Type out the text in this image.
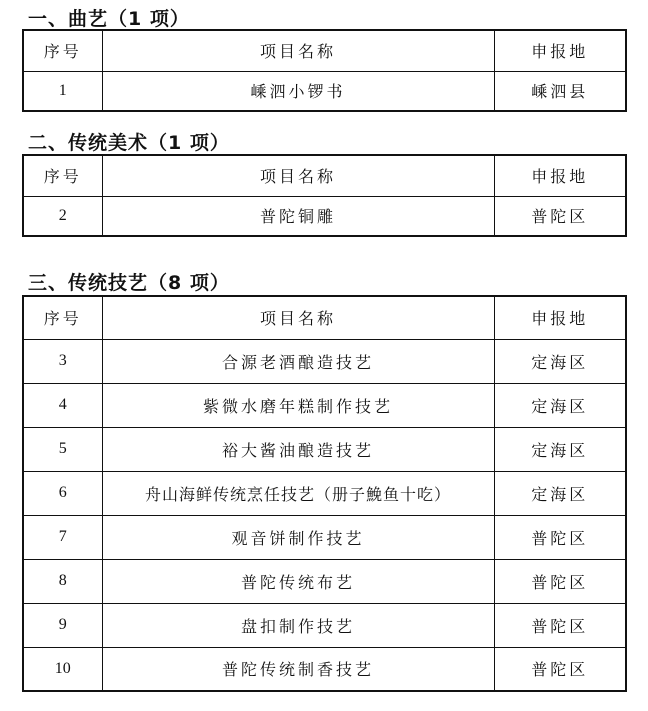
一、曲艺（1 项）
序号	项目名称	申报地
1	嵊泗小锣书	嵊泗县
二、传统美术（1 项）
序号	项目名称	申报地
2	普陀铜雕	普陀区
三、传统技艺（8 项）
序号	项目名称	申报地
3	合源老酒酿造技艺	定海区
4	紫微水磨年糕制作技艺	定海区
5	裕大酱油酿造技艺	定海区
6	舟山海鲜传统烹任技艺（册子鮸鱼十吃）	定海区
7	观音饼制作技艺	普陀区
8	普陀传统布艺	普陀区
9	盘扣制作技艺	普陀区
10	普陀传统制香技艺	普陀区
